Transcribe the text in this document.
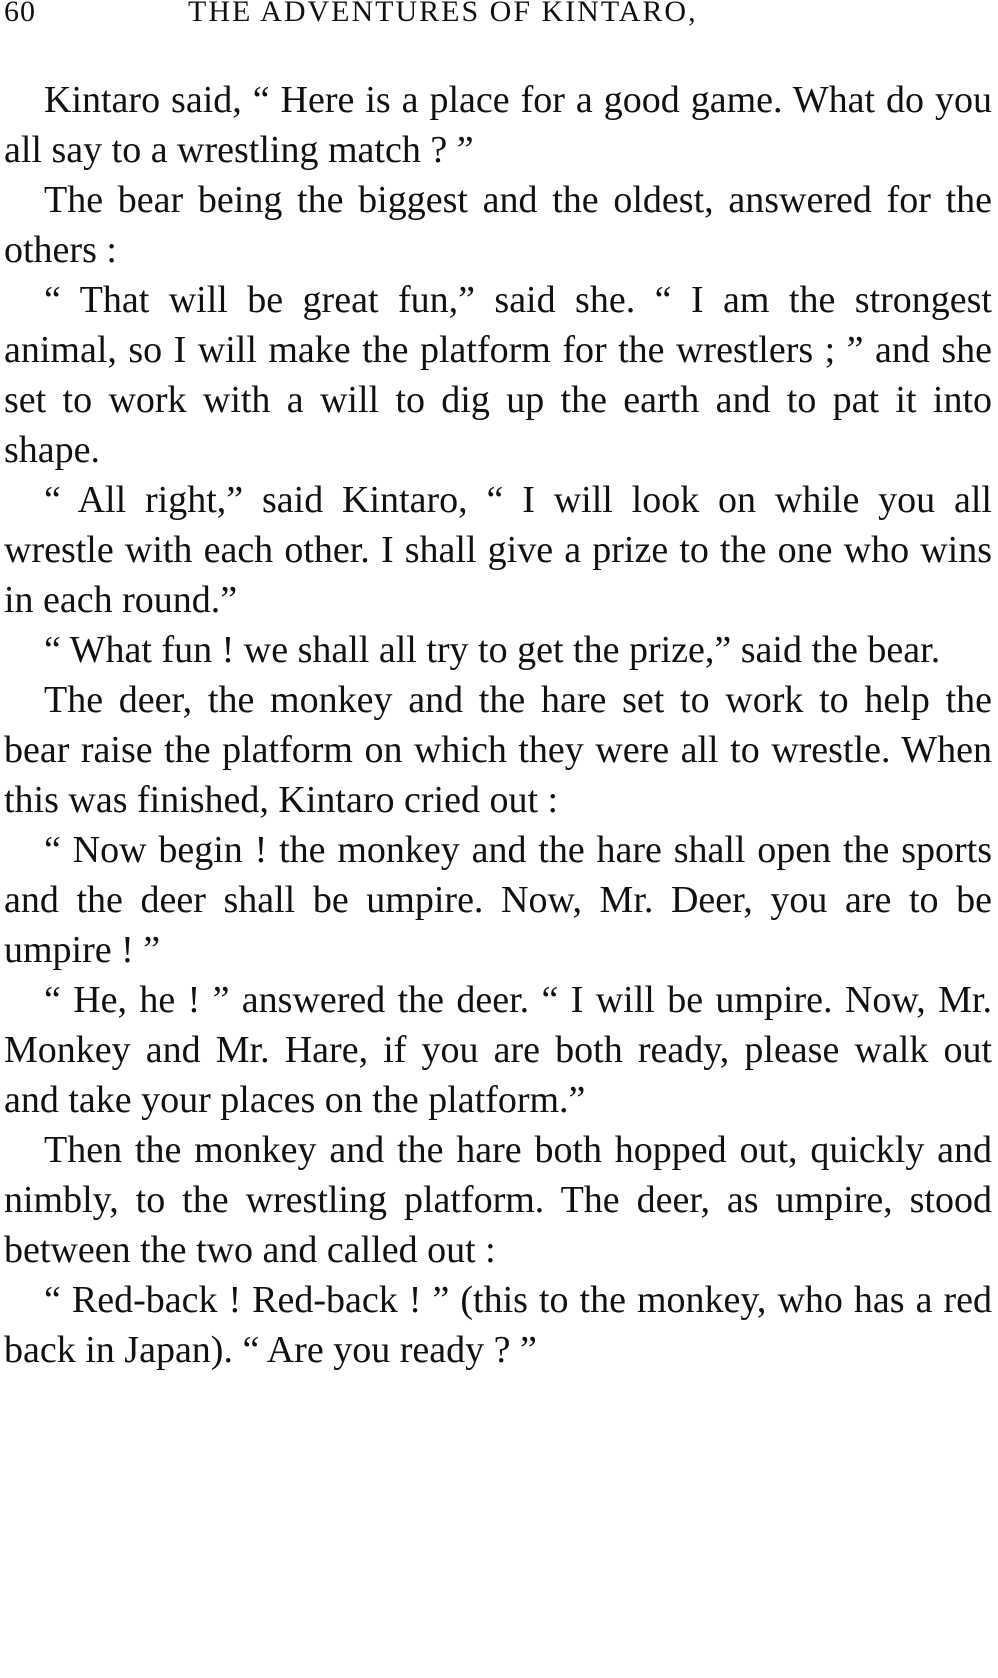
60	THE ADVENTURES OF KINTARO,

Kintaro said, “ Here is a place for a good game. What do you all say to a wrestling match ? ”

The bear being the biggest and the oldest, answered for the others :

“ That will be great fun,” said she. “ I am the strongest animal, so I will make the platform for the wrestlers ; ” and she set to work with a will to dig up the earth and to pat it into shape.

“ All right,” said Kintaro, “ I will look on while you all wrestle with each other. I shall give a prize to the one who wins in each round.”

“ What fun ! we shall all try to get the prize,” said the bear.

The deer, the monkey and the hare set to work to help the bear raise the platform on which they were all to wrestle. When this was finished, Kintaro cried out :

“ Now begin ! the monkey and the hare shall open the sports and the deer shall be umpire. Now, Mr. Deer, you are to be umpire ! ”

“ He, he ! ” answered the deer. “ I will be umpire. Now, Mr. Monkey and Mr. Hare, if you are both ready, please walk out and take your places on the platform.”

Then the monkey and the hare both hopped out, quickly and nimbly, to the wrestling platform. The deer, as umpire, stood between the two and called out :

“ Red-back ! Red-back ! ” (this to the monkey, who has a red back in Japan). “ Are you ready ? ”
